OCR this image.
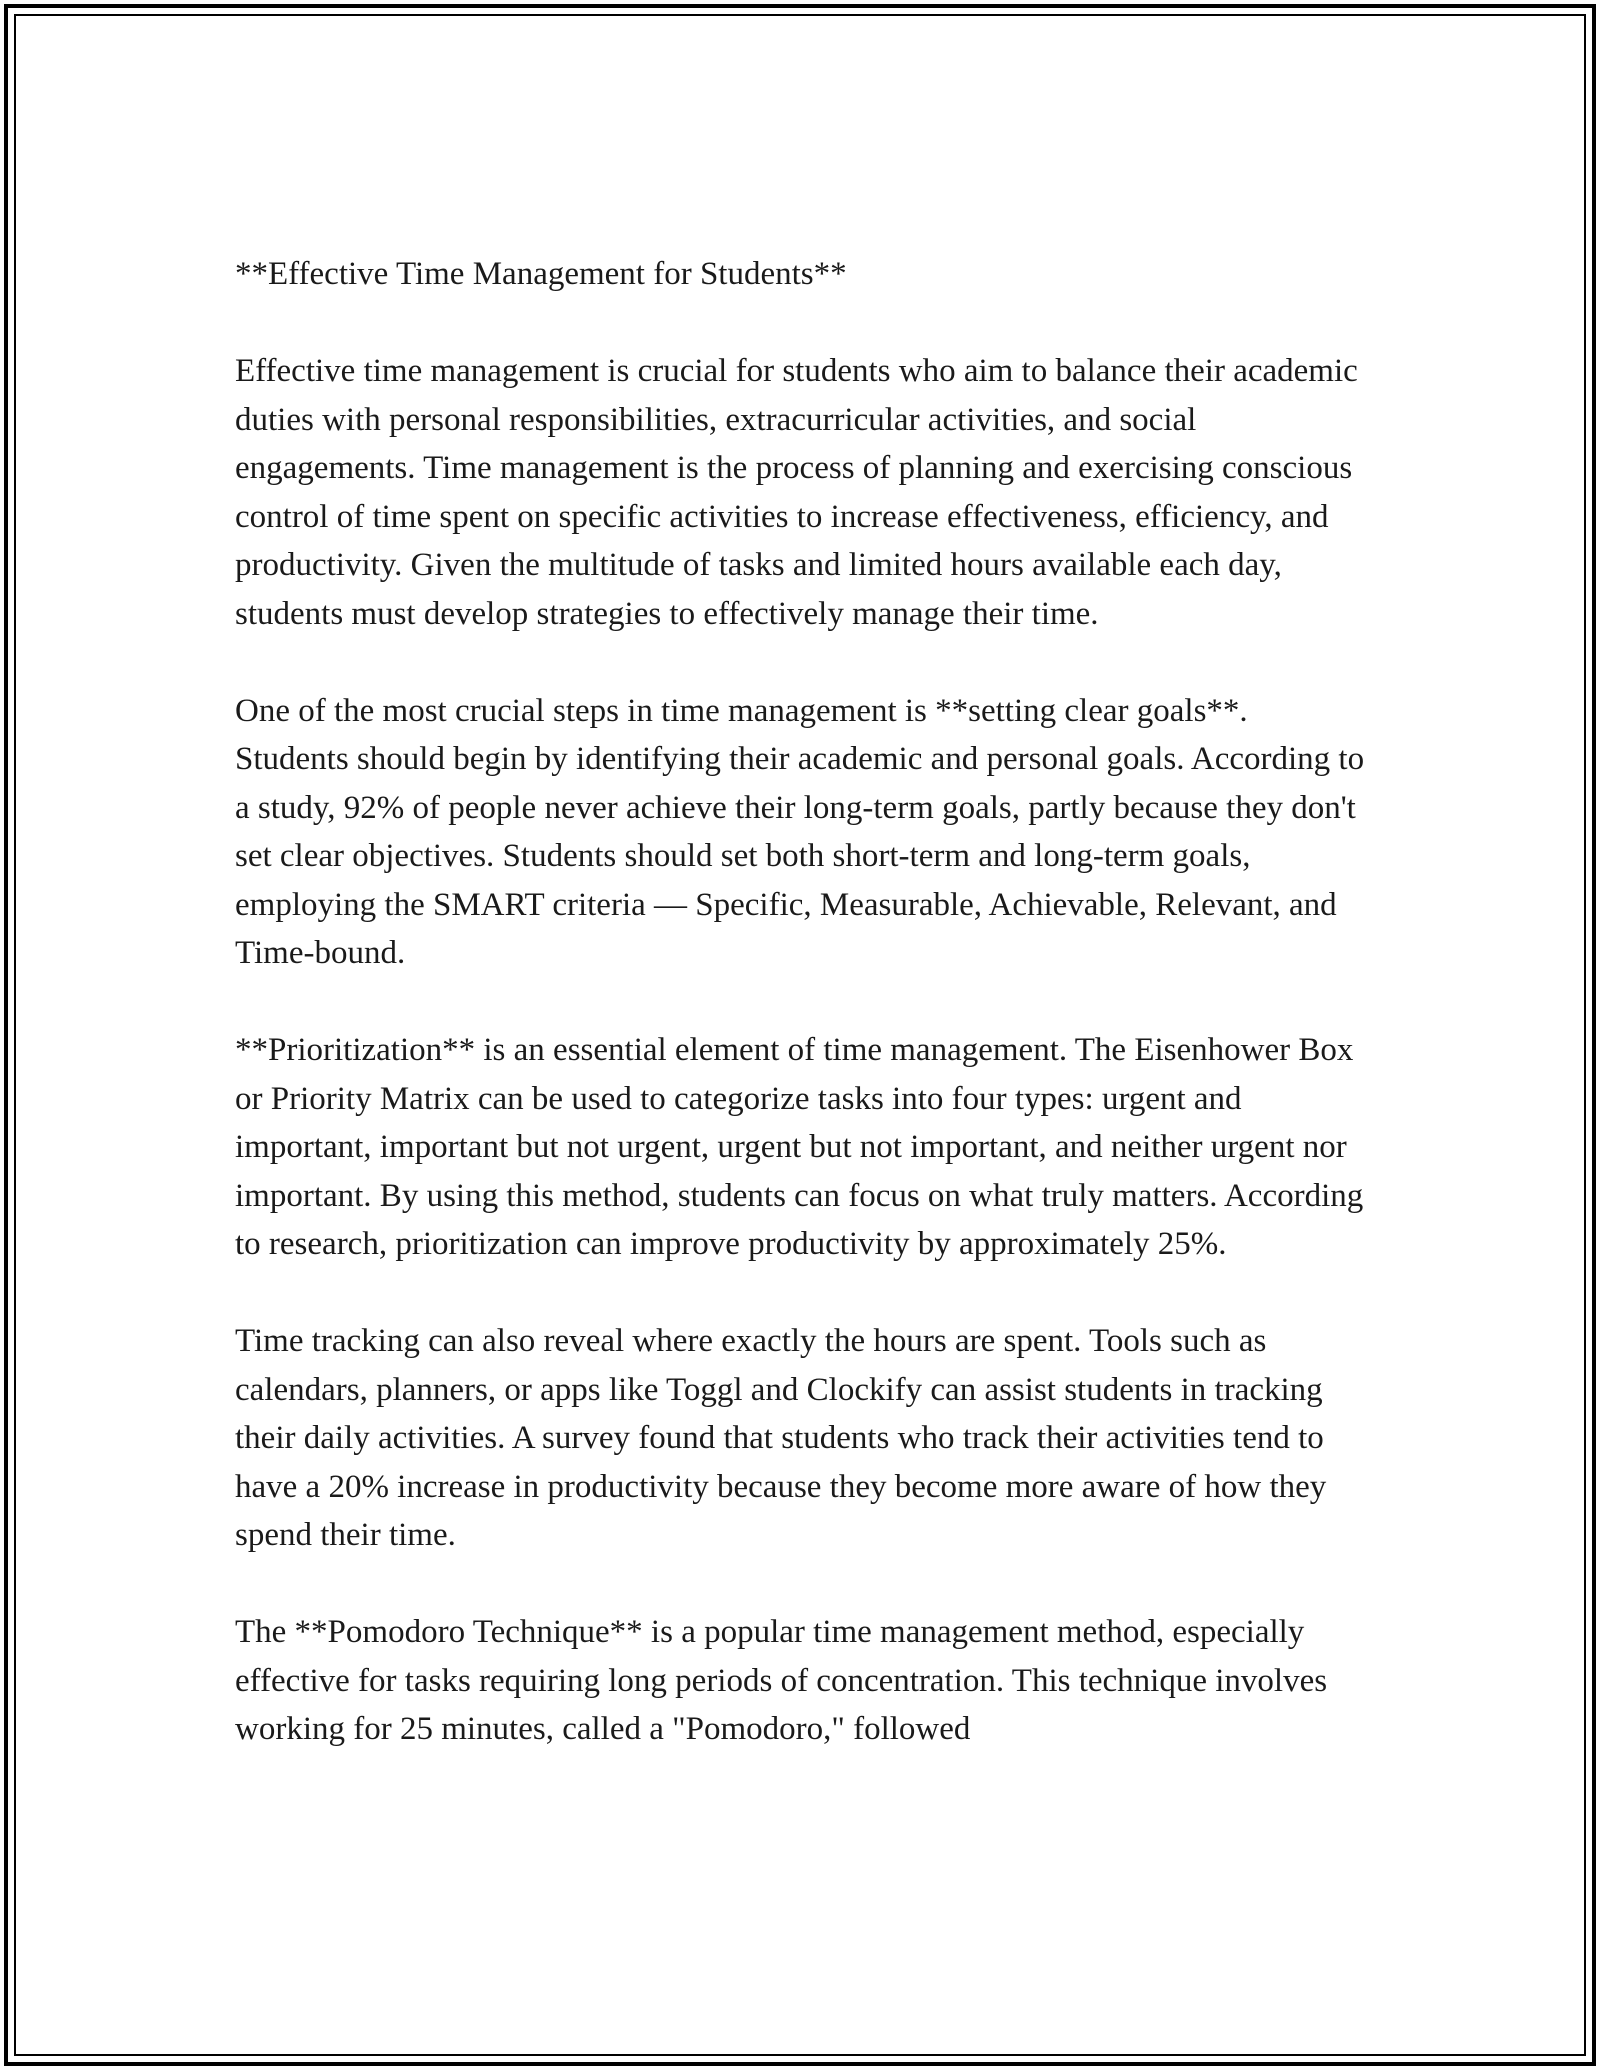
**Effective Time Management for Students**

Effective time management is crucial for students who aim to balance their academic duties with personal responsibilities, extracurricular activities, and social engagements. Time management is the process of planning and exercising conscious control of time spent on specific activities to increase effectiveness, efficiency, and productivity. Given the multitude of tasks and limited hours available each day, students must develop strategies to effectively manage their time.

One of the most crucial steps in time management is **setting clear goals**. Students should begin by identifying their academic and personal goals. According to a study, 92% of people never achieve their long-term goals, partly because they don't set clear objectives. Students should set both short-term and long-term goals, employing the SMART criteria — Specific, Measurable, Achievable, Relevant, and Time-bound.

**Prioritization** is an essential element of time management. The Eisenhower Box or Priority Matrix can be used to categorize tasks into four types: urgent and important, important but not urgent, urgent but not important, and neither urgent nor important. By using this method, students can focus on what truly matters. According to research, prioritization can improve productivity by approximately 25%.

Time tracking can also reveal where exactly the hours are spent. Tools such as calendars, planners, or apps like Toggl and Clockify can assist students in tracking their daily activities. A survey found that students who track their activities tend to have a 20% increase in productivity because they become more aware of how they spend their time.

The **Pomodoro Technique** is a popular time management method, especially effective for tasks requiring long periods of concentration. This technique involves working for 25 minutes, called a "Pomodoro," followed
